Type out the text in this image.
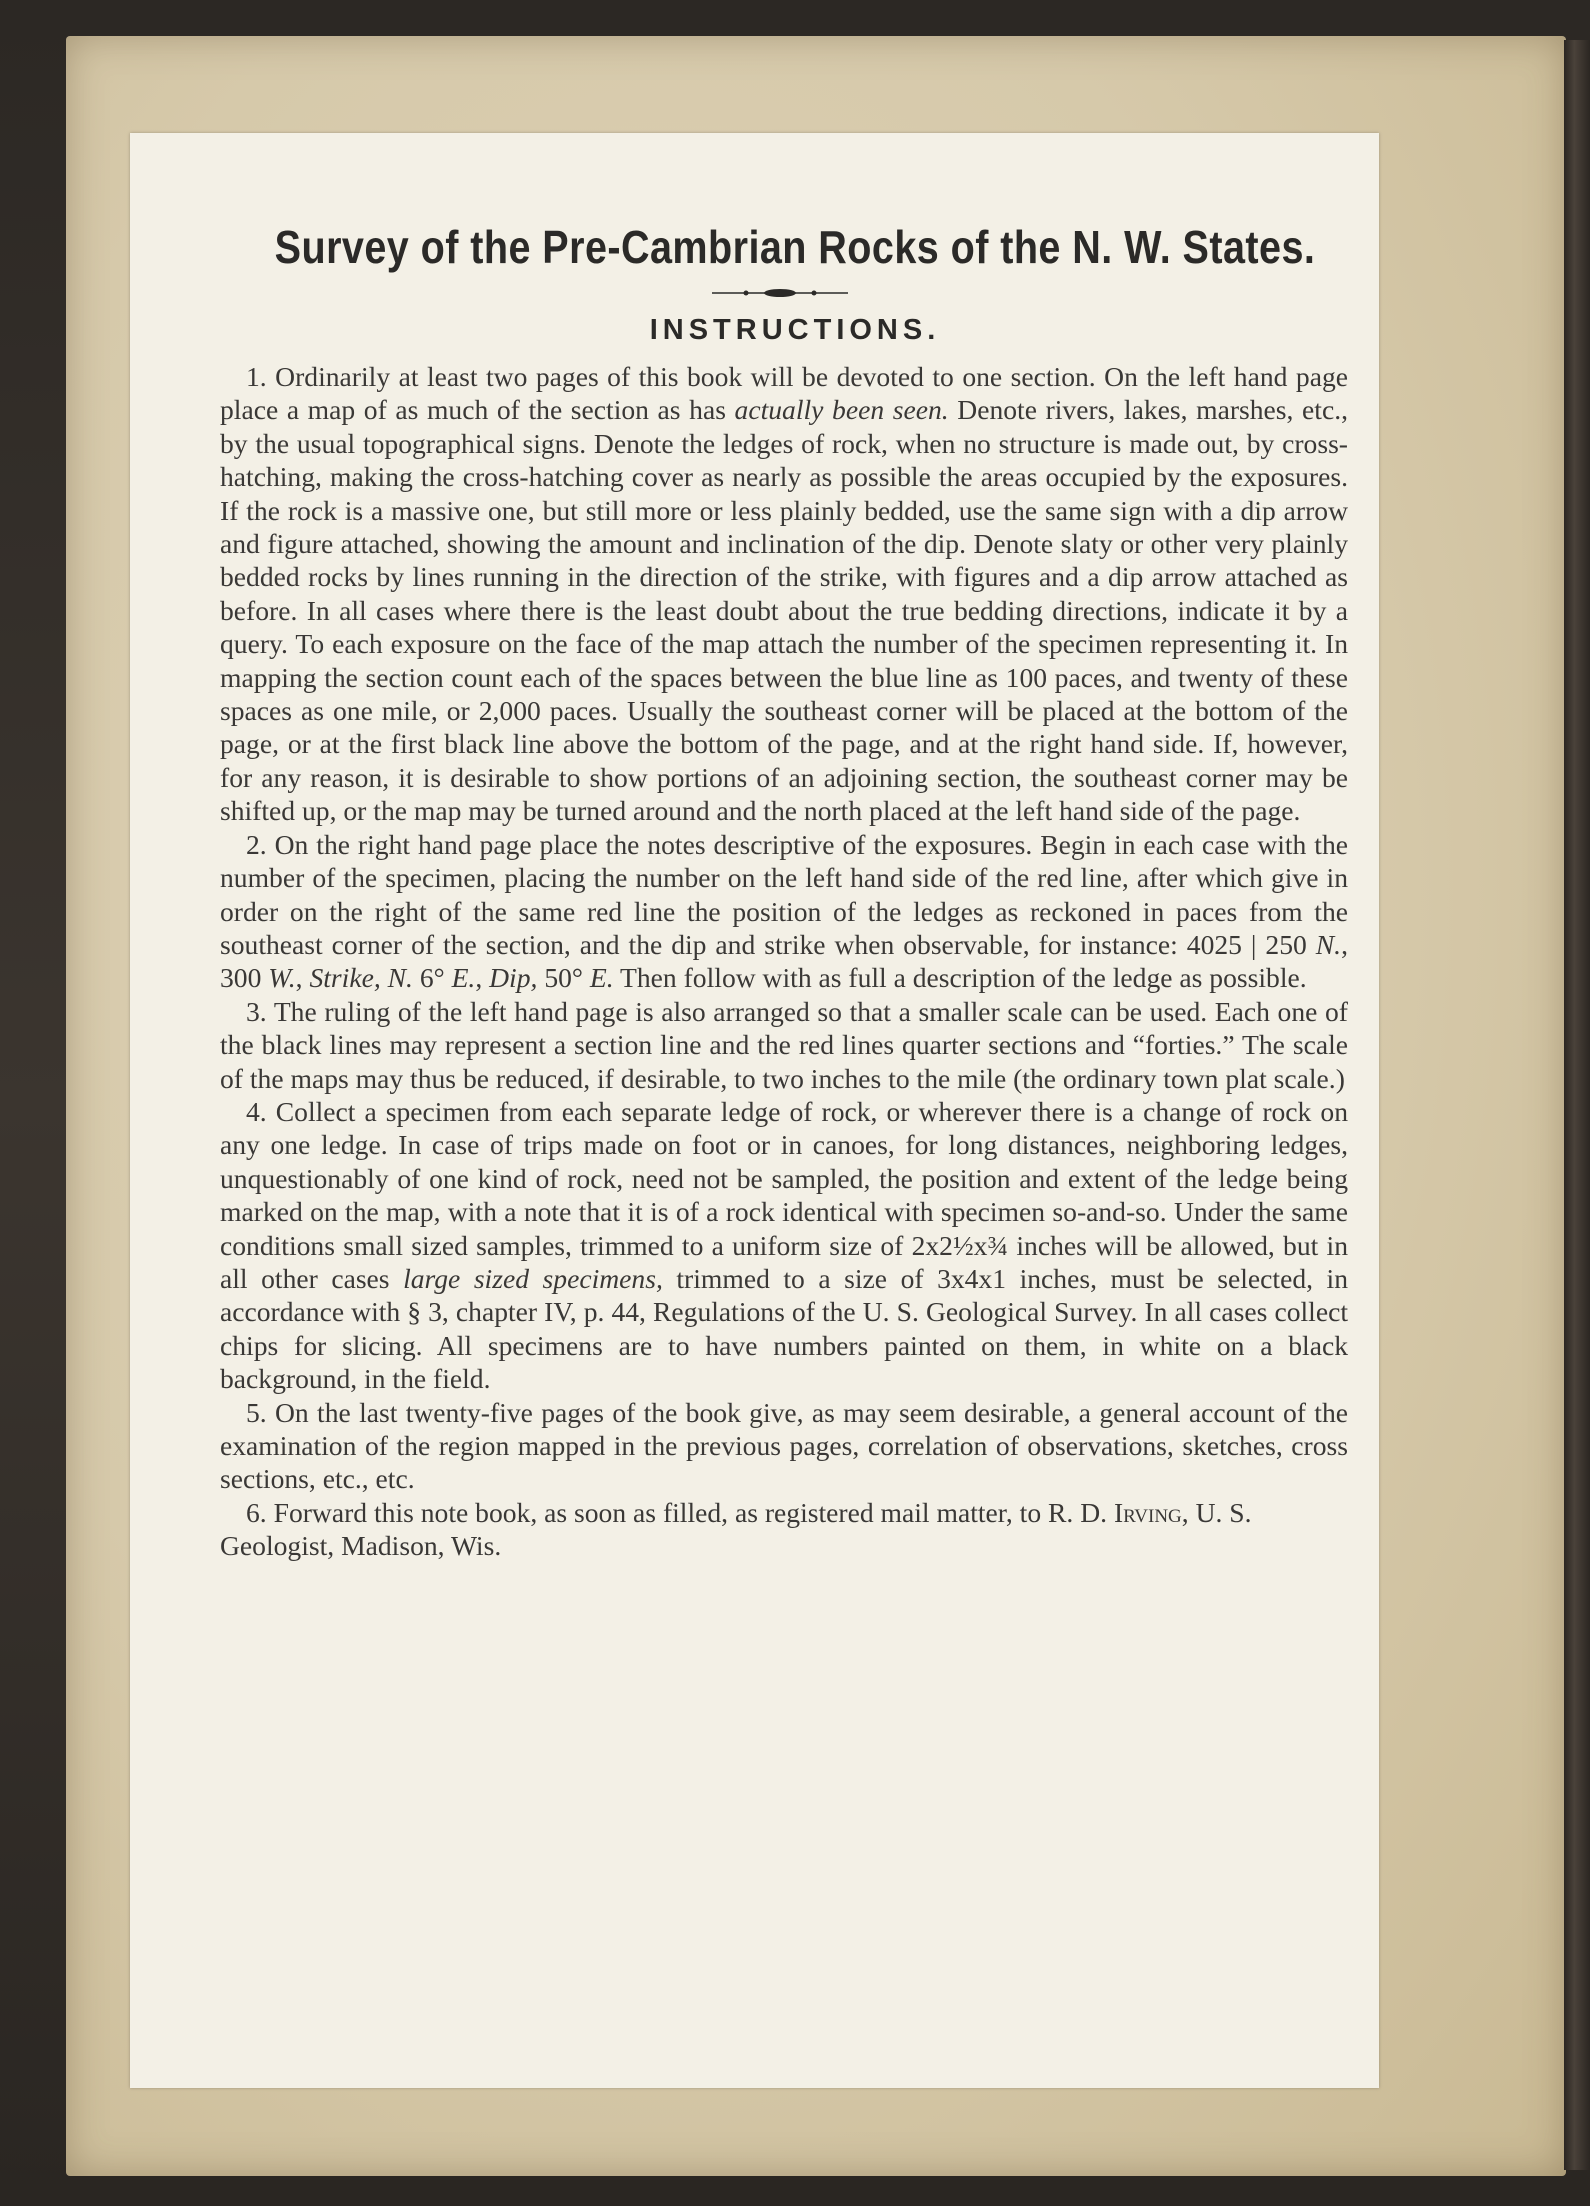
Survey of the Pre-Cambrian Rocks of the N. W. States.
INSTRUCTIONS.

1. Ordinarily at least two pages of this book will be devoted to one section. On the left hand page place a map of as much of the section as has actually been seen. Denote rivers, lakes, marshes, etc., by the usual topographical signs. Denote the ledges of rock, when no structure is made out, by cross-hatching, making the cross-hatching cover as nearly as possible the areas occupied by the exposures. If the rock is a massive one, but still more or less plainly bedded, use the same sign with a dip arrow and figure attached, showing the amount and inclination of the dip. Denote slaty or other very plainly bedded rocks by lines running in the direction of the strike, with figures and a dip arrow attached as before. In all cases where there is the least doubt about the true bedding directions, indicate it by a query. To each exposure on the face of the map attach the number of the specimen representing it. In mapping the section count each of the spaces between the blue line as 100 paces, and twenty of these spaces as one mile, or 2,000 paces. Usually the southeast corner will be placed at the bottom of the page, or at the first black line above the bottom of the page, and at the right hand side. If, however, for any reason, it is desirable to show portions of an adjoining section, the southeast corner may be shifted up, or the map may be turned around and the north placed at the left hand side of the page.

2. On the right hand page place the notes descriptive of the exposures. Begin in each case with the number of the specimen, placing the number on the left hand side of the red line, after which give in order on the right of the same red line the position of the ledges as reckoned in paces from the southeast corner of the section, and the dip and strike when observable, for instance: 4025 | 250 N., 300 W., Strike, N. 6° E., Dip, 50° E. Then follow with as full a description of the ledge as possible.

3. The ruling of the left hand page is also arranged so that a smaller scale can be used. Each one of the black lines may represent a section line and the red lines quarter sections and “forties.” The scale of the maps may thus be reduced, if desirable, to two inches to the mile (the ordinary town plat scale.)

4. Collect a specimen from each separate ledge of rock, or wherever there is a change of rock on any one ledge. In case of trips made on foot or in canoes, for long distances, neighboring ledges, unquestionably of one kind of rock, need not be sampled, the position and extent of the ledge being marked on the map, with a note that it is of a rock identical with specimen so-and-so. Under the same conditions small sized samples, trimmed to a uniform size of 2x2½x¾ inches will be allowed, but in all other cases large sized specimens, trimmed to a size of 3x4x1 inches, must be selected, in accordance with § 3, chapter IV, p. 44, Regulations of the U. S. Geological Survey. In all cases collect chips for slicing. All specimens are to have numbers painted on them, in white on a black background, in the field.

5. On the last twenty-five pages of the book give, as may seem desirable, a general account of the examination of the region mapped in the previous pages, correlation of observations, sketches, cross sections, etc., etc.

6. Forward this note book, as soon as filled, as registered mail matter, to R. D. Irving, U. S. Geologist, Madison, Wis.
